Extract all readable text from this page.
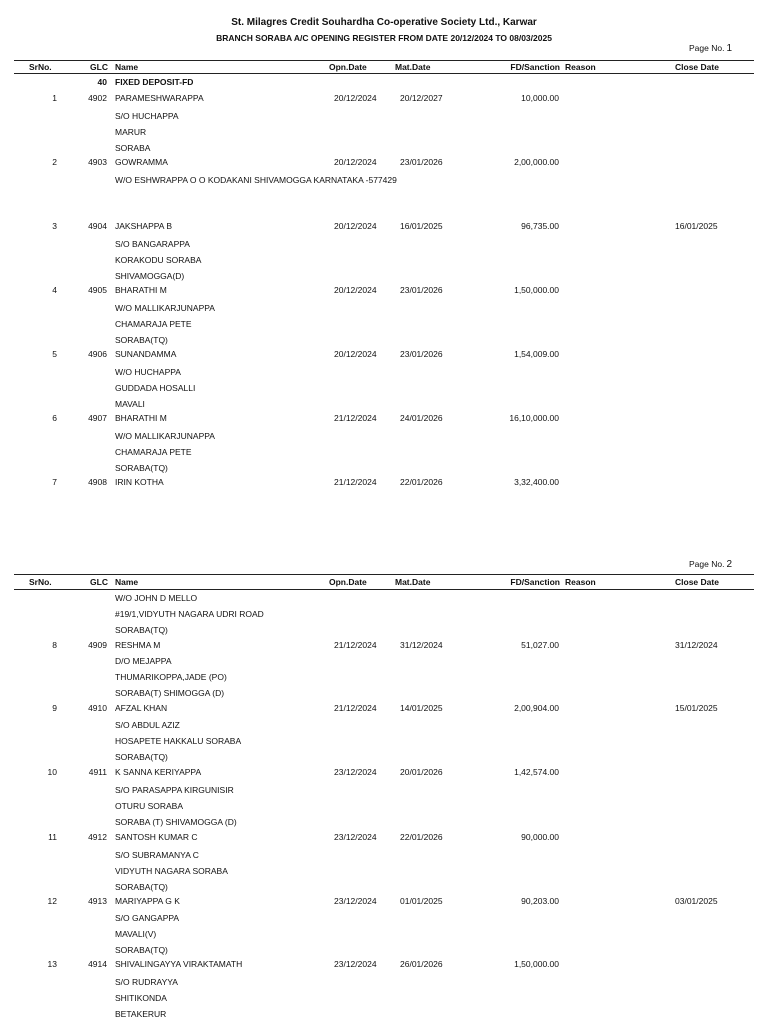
St. Milagres Credit Souhardha Co-operative Society Ltd., Karwar
BRANCH SORABA A/C OPENING REGISTER FROM DATE 20/12/2024 TO 08/03/2025
Page No. 1
SrNo.	GLC Name	Opn.Date	Mat.Date	FD/Sanction Reason	Close Date
40 FIXED DEPOSIT-FD
1	4902 PARAMESHWARAPPA	20/12/2024	20/12/2027	10,000.00
S/O HUCHAPPA
MARUR
SORABA
2	4903 GOWRAMMA	20/12/2024	23/01/2026	2,00,000.00
W/O ESHWRAPPA O O KODAKANI SHIVAMOGGA KARNATAKA -577429
3	4904 JAKSHAPPA B	20/12/2024	16/01/2025	96,735.00	16/01/2025
S/O BANGARAPPA
KORAKODU SORABA
SHIVAMOGGA(D)
4	4905 BHARATHI M	20/12/2024	23/01/2026	1,50,000.00
W/O MALLIKARJUNAPPA
CHAMARAJA PETE
SORABA(TQ)
5	4906 SUNANDAMMA	20/12/2024	23/01/2026	1,54,009.00
W/O HUCHAPPA
GUDDADA HOSALLI
MAVALI
6	4907 BHARATHI M	21/12/2024	24/01/2026	16,10,000.00
W/O MALLIKARJUNAPPA
CHAMARAJA PETE
SORABA(TQ)
7	4908 IRIN KOTHA	21/12/2024	22/01/2026	3,32,400.00
Page No. 2
SrNo.	GLC Name	Opn.Date	Mat.Date	FD/Sanction Reason	Close Date
W/O JOHN D MELLO
#19/1,VIDYUTH NAGARA UDRI ROAD
SORABA(TQ)
8	4909 RESHMA M	21/12/2024	31/12/2024	51,027.00	31/12/2024
D/O MEJAPPA
THUMARIKOPPA,JADE (PO)
SORABA(T) SHIMOGGA (D)
9	4910 AFZAL KHAN	21/12/2024	14/01/2025	2,00,904.00	15/01/2025
S/O ABDUL AZIZ
HOSAPETE HAKKALU SORABA
SORABA(TQ)
10	4911 K SANNA KERIYAPPA	23/12/2024	20/01/2026	1,42,574.00
S/O PARASAPPA KIRGUNISIR
OTURU SORABA
SORABA (T) SHIVAMOGGA (D)
11	4912 SANTOSH KUMAR C	23/12/2024	22/01/2026	90,000.00
S/O SUBRAMANYA C
VIDYUTH NAGARA SORABA
SORABA(TQ)
12	4913 MARIYAPPA G K	23/12/2024	01/01/2025	90,203.00	03/01/2025
S/O GANGAPPA
MAVALI(V)
SORABA(TQ)
13	4914 SHIVALINGAYYA VIRAKTAMATH	23/12/2024	26/01/2026	1,50,000.00
S/O RUDRAYYA
SHITIKONDA
BETAKERUR
